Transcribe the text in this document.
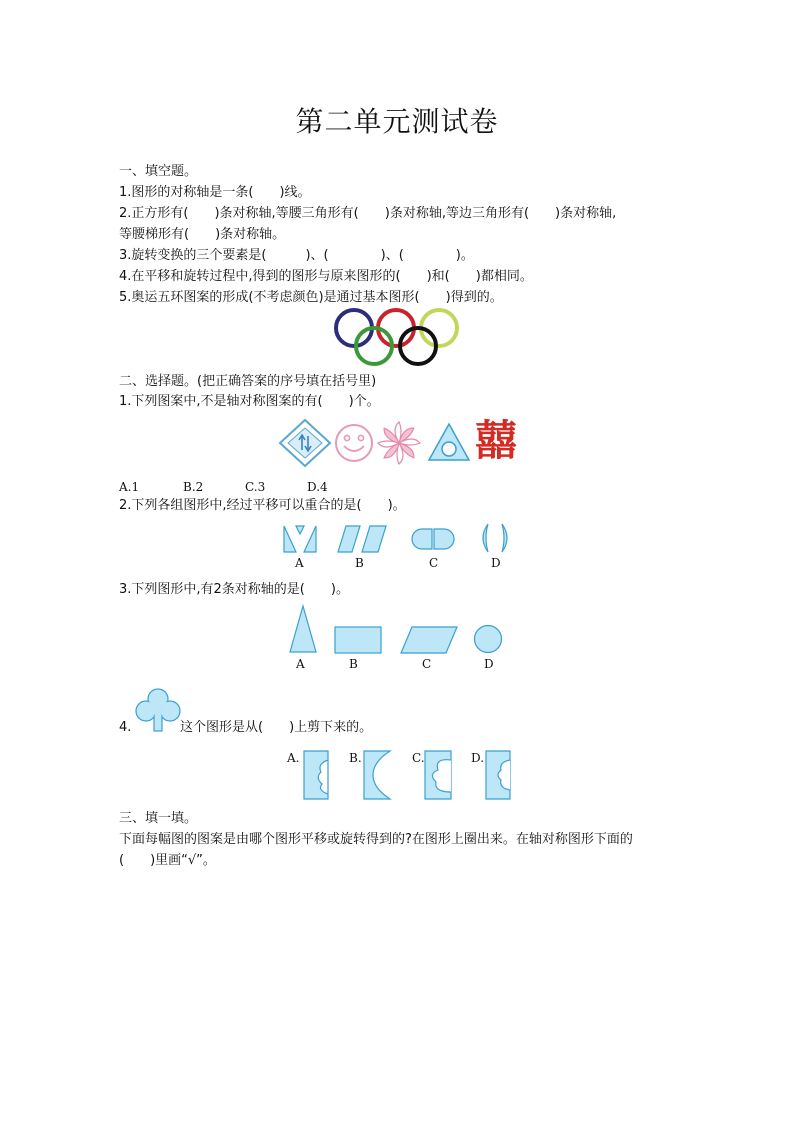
第二单元测试卷
一、填空题。
1.图形的对称轴是一条(　　)线。
2.正方形有(　　)条对称轴,等腰三角形有(　　)条对称轴,等边三角形有(　　)条对称轴,
等腰梯形有(　　)条对称轴。
3.旋转变换的三个要素是(　　　)、(　　　　)、(　　　　)。
4.在平移和旋转过程中,得到的图形与原来图形的(　　)和(　　)都相同。
5.奥运五环图案的形成(不考虑颜色)是通过基本图形(　　)得到的。
二、选择题。(把正确答案的序号填在括号里)
1.下列图案中,不是轴对称图案的有(　　)个。
囍
A.1	B.2	C.3	D.4
2.下列各组图形中,经过平移可以重合的是(　　)。
A	B	C	D
3.下列图形中,有2条对称轴的是(　　)。
A	B	C	D
4.	这个图形是从(　　)上剪下来的。
A.	B.	C.	D.
三、填一填。
下面每幅图的图案是由哪个图形平移或旋转得到的?在图形上圈出来。在轴对称图形下面的
(　　)里画“√”。
